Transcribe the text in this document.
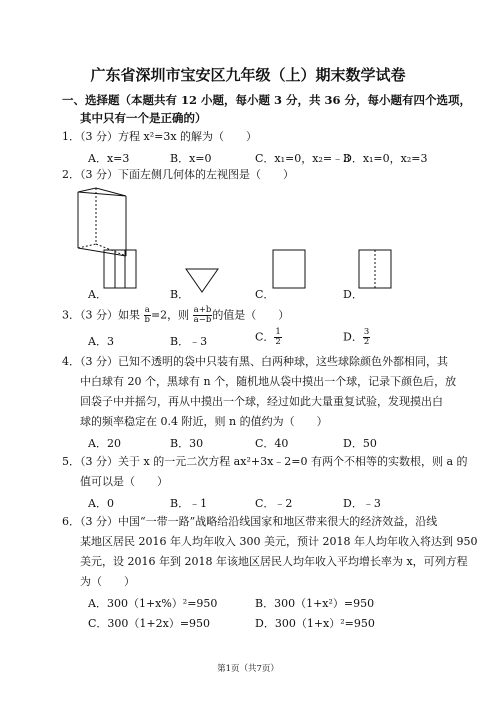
广东省深圳市宝安区九年级（上）期末数学试卷
一、选择题（本题共有 12 小题，每小题 3 分，共 36 分，每小题有四个选项，
其中只有一个是正确的）
1．（3 分）方程 x²=3x 的解为（　　）
A．x=3	B．x=0	C．x₁=0，x₂=﹣3
D．x₁=0，x₂=3
2．（3 分）下面左侧几何体的左视图是（　　）
A．	B．	C．	D．
3．（3 分）如果 $\frac{a}{b} =2$，则 $\frac{a+b}{a-b}$ 的值是（　　）
A．3	B．﹣3	C． $\frac{1}{2}$	D． $\frac{3}{2}$
4．（3 分）已知不透明的袋中只装有黑、白两种球，这些球除颜色外都相同，其
中白球有 20 个，黑球有 n 个，随机地从袋中摸出一个球，记录下颜色后，放
回袋子中并摇匀，再从中摸出一个球，经过如此大量重复试验，发现摸出白
球的频率稳定在 0.4 附近，则 n 的值约为（　　）
A．20	B．30	C．40	D．50
5．（3 分）关于 x 的一元二次方程 ax²+3x﹣2=0 有两个不相等的实数根，则 a 的
值可以是（　　）
A．0	B．﹣1	C．﹣2	D．﹣3
6．（3 分）中国“一带一路”战略给沿线国家和地区带来很大的经济效益，沿线
某地区居民 2016 年人均年收入 300 美元，预计 2018 年人均年收入将达到 950
美元，设 2016 年到 2018 年该地区居民人均年收入平均增长率为 x，可列方程
为（　　）
A．300（1+x%）²=950	B．300（1+x²）=950
C．300（1+2x）=950	D．300（1+x）²=950
第1页（共7页）
